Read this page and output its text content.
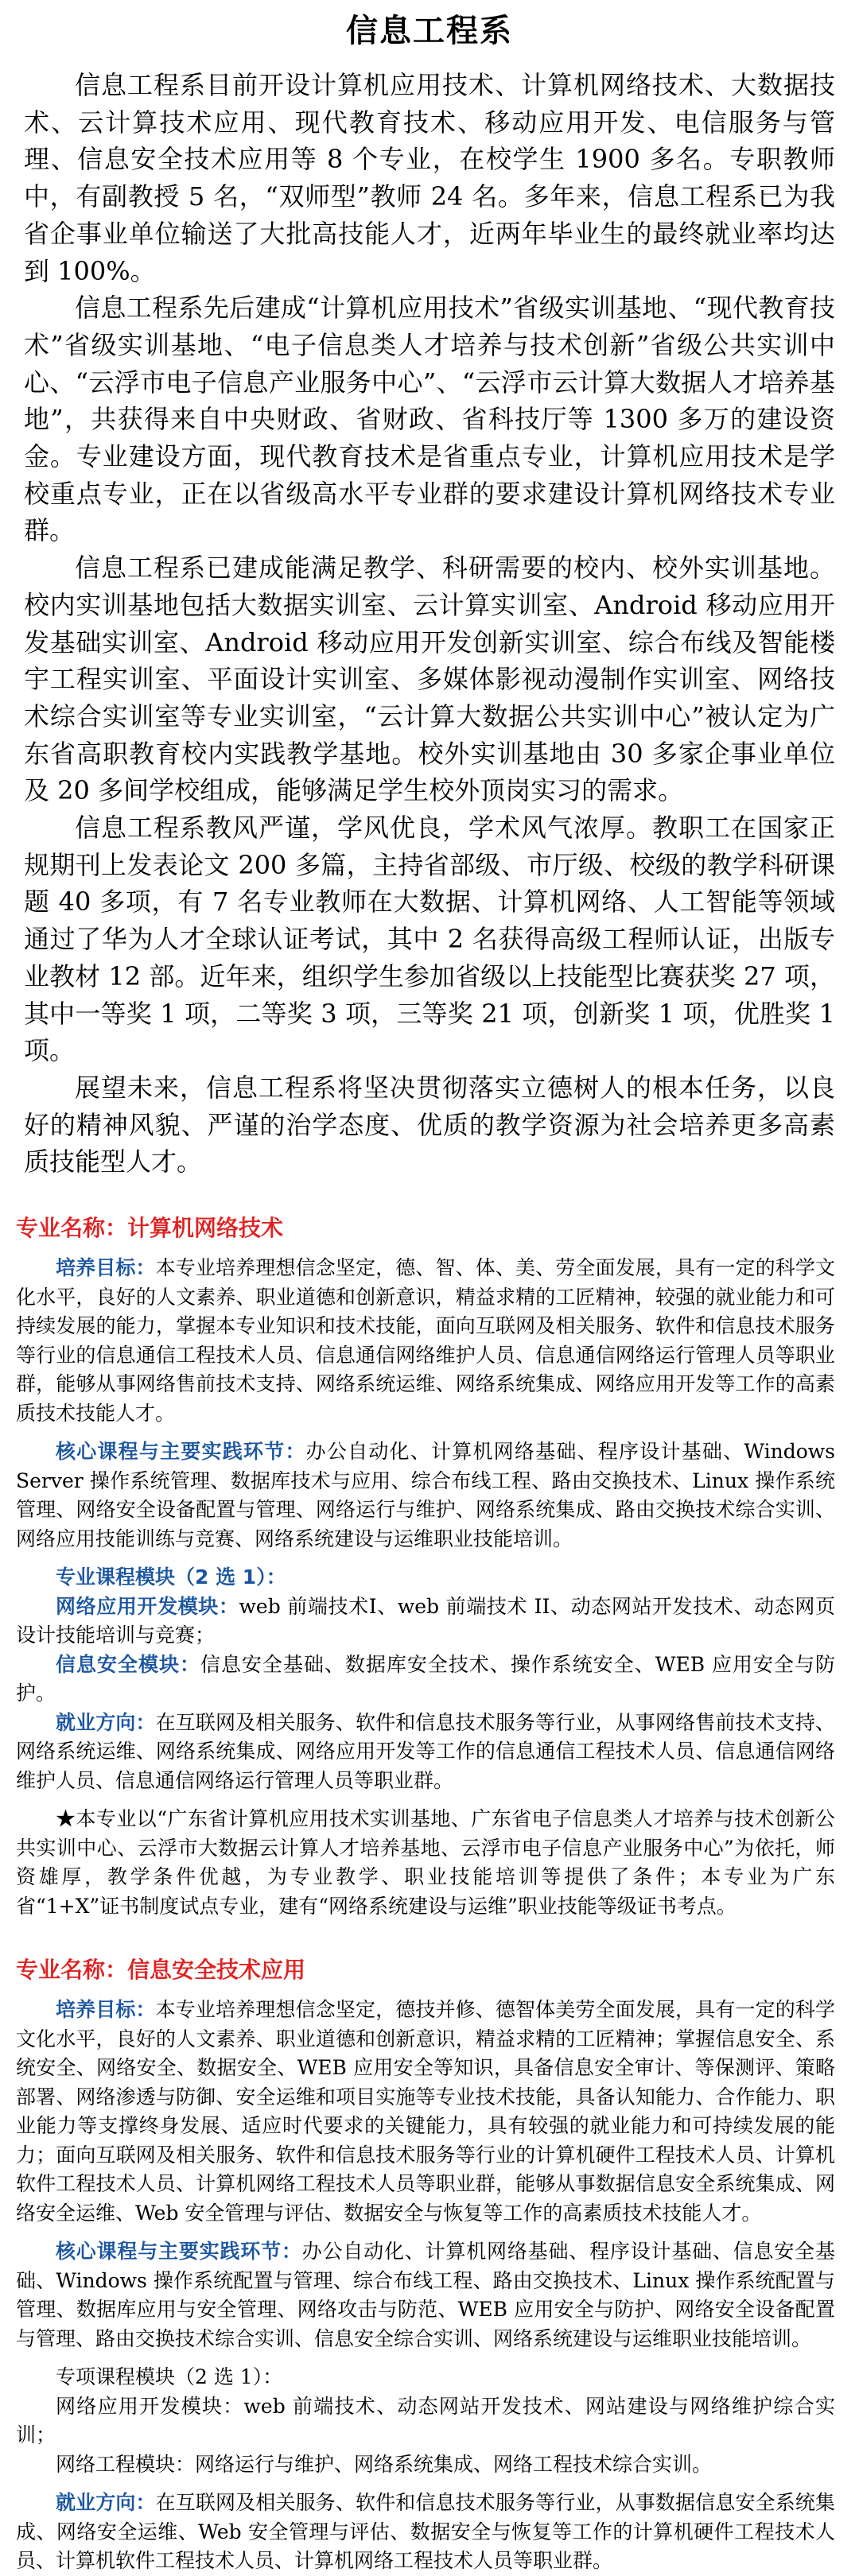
信息工程系

信息工程系目前开设计算机应用技术、计算机网络技术、大数据技术、云计算技术应用、现代教育技术、移动应用开发、电信服务与管理、信息安全技术应用等 8 个专业，在校学生 1900 多名。专职教师中，有副教授 5 名，“双师型”教师 24 名。多年来，信息工程系已为我省企事业单位输送了大批高技能人才，近两年毕业生的最终就业率均达到 100%。

信息工程系先后建成“计算机应用技术”省级实训基地、“现代教育技术”省级实训基地、“电子信息类人才培养与技术创新”省级公共实训中心、“云浮市电子信息产业服务中心”、“云浮市云计算大数据人才培养基地”，共获得来自中央财政、省财政、省科技厅等 1300 多万的建设资金。专业建设方面，现代教育技术是省重点专业，计算机应用技术是学校重点专业，正在以省级高水平专业群的要求建设计算机网络技术专业群。

信息工程系已建成能满足教学、科研需要的校内、校外实训基地。校内实训基地包括大数据实训室、云计算实训室、Android 移动应用开发基础实训室、Android 移动应用开发创新实训室、综合布线及智能楼宇工程实训室、平面设计实训室、多媒体影视动漫制作实训室、网络技术综合实训室等专业实训室，“云计算大数据公共实训中心”被认定为广东省高职教育校内实践教学基地。校外实训基地由 30 多家企事业单位及 20 多间学校组成，能够满足学生校外顶岗实习的需求。

信息工程系教风严谨，学风优良，学术风气浓厚。教职工在国家正规期刊上发表论文 200 多篇，主持省部级、市厅级、校级的教学科研课题 40 多项，有 7 名专业教师在大数据、计算机网络、人工智能等领域通过了华为人才全球认证考试，其中 2 名获得高级工程师认证，出版专业教材 12 部。近年来，组织学生参加省级以上技能型比赛获奖 27 项，其中一等奖 1 项，二等奖 3 项，三等奖 21 项，创新奖 1 项，优胜奖 1 项。

展望未来，信息工程系将坚决贯彻落实立德树人的根本任务，以良好的精神风貌、严谨的治学态度、优质的教学资源为社会培养更多高素质技能型人才。

专业名称：计算机网络技术

培养目标：本专业培养理想信念坚定，德、智、体、美、劳全面发展，具有一定的科学文化水平，良好的人文素养、职业道德和创新意识，精益求精的工匠精神，较强的就业能力和可持续发展的能力，掌握本专业知识和技术技能，面向互联网及相关服务、软件和信息技术服务等行业的信息通信工程技术人员、信息通信网络维护人员、信息通信网络运行管理人员等职业群，能够从事网络售前技术支持、网络系统运维、网络系统集成、网络应用开发等工作的高素质技术技能人才。

核心课程与主要实践环节：办公自动化、计算机网络基础、程序设计基础、Windows Server 操作系统管理、数据库技术与应用、综合布线工程、路由交换技术、Linux 操作系统管理、网络安全设备配置与管理、网络运行与维护、网络系统集成、路由交换技术综合实训、网络应用技能训练与竞赛、网络系统建设与运维职业技能培训。

专业课程模块（2 选 1）：

网络应用开发模块：web 前端技术Ⅰ、web 前端技术 II、动态网站开发技术、动态网页设计技能培训与竞赛；

信息安全模块：信息安全基础、数据库安全技术、操作系统安全、WEB 应用安全与防护。

就业方向：在互联网及相关服务、软件和信息技术服务等行业，从事网络售前技术支持、网络系统运维、网络系统集成、网络应用开发等工作的信息通信工程技术人员、信息通信网络维护人员、信息通信网络运行管理人员等职业群。

★本专业以“广东省计算机应用技术实训基地、广东省电子信息类人才培养与技术创新公共实训中心、云浮市大数据云计算人才培养基地、云浮市电子信息产业服务中心”为依托，师资雄厚，教学条件优越，为专业教学、职业技能培训等提供了条件；本专业为广东省“1+X”证书制度试点专业，建有“网络系统建设与运维”职业技能等级证书考点。

专业名称：信息安全技术应用

培养目标：本专业培养理想信念坚定，德技并修、德智体美劳全面发展，具有一定的科学文化水平，良好的人文素养、职业道德和创新意识，精益求精的工匠精神；掌握信息安全、系统安全、网络安全、数据安全、WEB 应用安全等知识，具备信息安全审计、等保测评、策略部署、网络渗透与防御、安全运维和项目实施等专业技术技能，具备认知能力、合作能力、职业能力等支撑终身发展、适应时代要求的关键能力，具有较强的就业能力和可持续发展的能力；面向互联网及相关服务、软件和信息技术服务等行业的计算机硬件工程技术人员、计算机软件工程技术人员、计算机网络工程技术人员等职业群，能够从事数据信息安全系统集成、网络安全运维、Web 安全管理与评估、数据安全与恢复等工作的高素质技术技能人才。

核心课程与主要实践环节：办公自动化、计算机网络基础、程序设计基础、信息安全基础、Windows 操作系统配置与管理、综合布线工程、路由交换技术、Linux 操作系统配置与管理、数据库应用与安全管理、网络攻击与防范、WEB 应用安全与防护、网络安全设备配置与管理、路由交换技术综合实训、信息安全综合实训、网络系统建设与运维职业技能培训。

专项课程模块（2 选 1）：

网络应用开发模块：web 前端技术、动态网站开发技术、网站建设与网络维护综合实训；

网络工程模块：网络运行与维护、网络系统集成、网络工程技术综合实训。

就业方向：在互联网及相关服务、软件和信息技术服务等行业，从事数据信息安全系统集成、网络安全运维、Web 安全管理与评估、数据安全与恢复等工作的计算机硬件工程技术人员、计算机软件工程技术人员、计算机网络工程技术人员等职业群。
